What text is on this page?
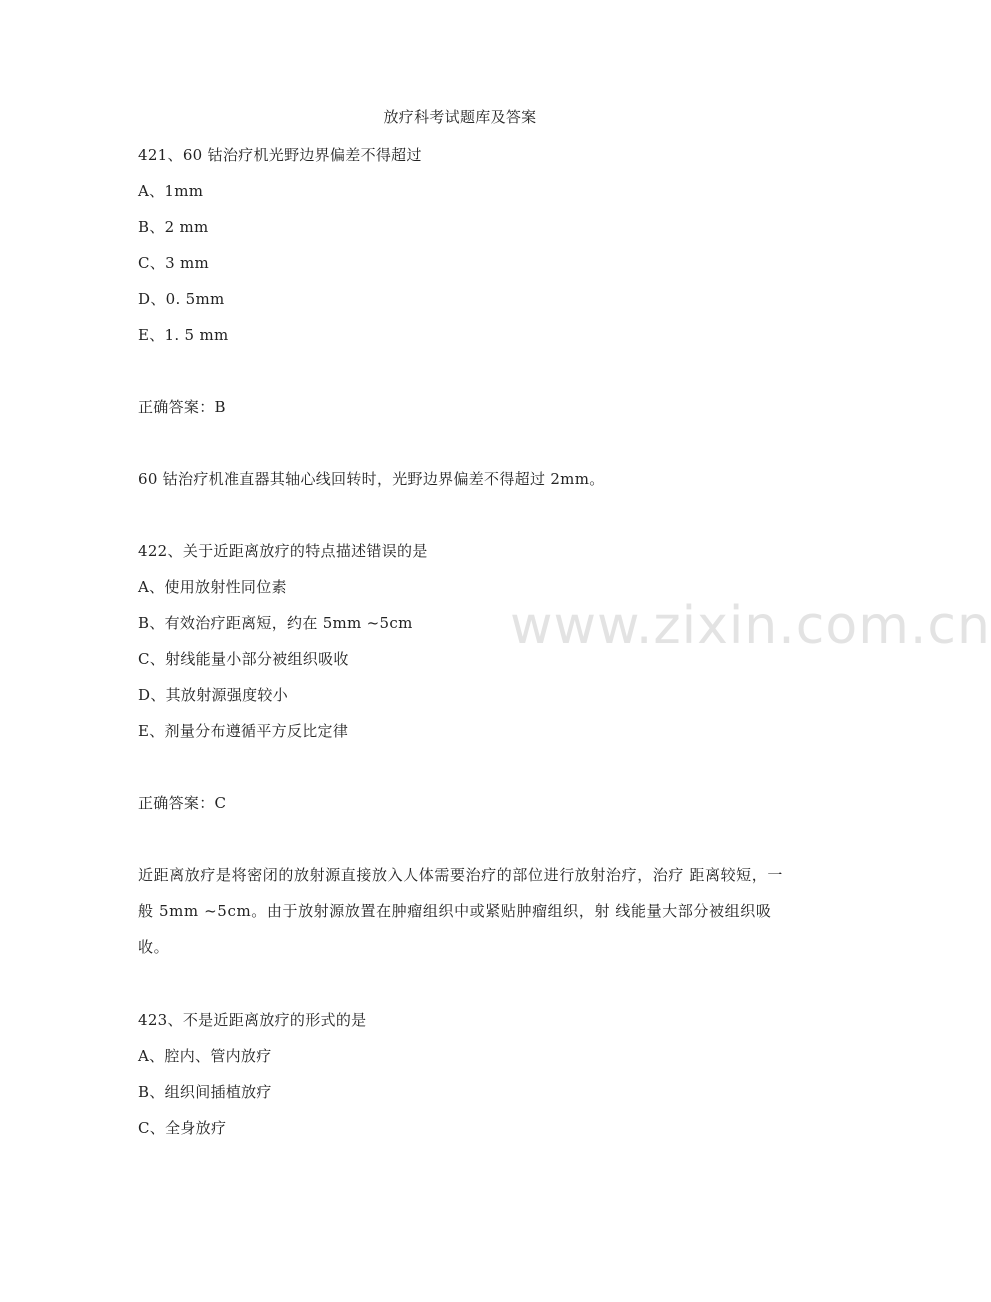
放疗科考试题库及答案
421、60 钴治疗机光野边界偏差不得超过
A、1mm
B、2 mm
C、3 mm
D、0. 5mm
E、1. 5 mm
正确答案：B
60 钴治疗机准直器其轴心线回转时，光野边界偏差不得超过 2mm。
422、关于近距离放疗的特点描述错误的是
A、使用放射性同位素
B、有效治疗距离短，约在 5mm ~5cm
C、射线能量小部分被组织吸收
D、其放射源强度较小
E、剂量分布遵循平方反比定律
正确答案：C
近距离放疗是将密闭的放射源直接放入人体需要治疗的部位进行放射治疗，治疗 距离较短，一般 5mm ~5cm。由于放射源放置在肿瘤组织中或紧贴肿瘤组织，射 线能量大部分被组织吸收。
423、不是近距离放疗的形式的是
A、腔内、管内放疗
B、组织间插植放疗
C、全身放疗
www.zixin.com.cn
